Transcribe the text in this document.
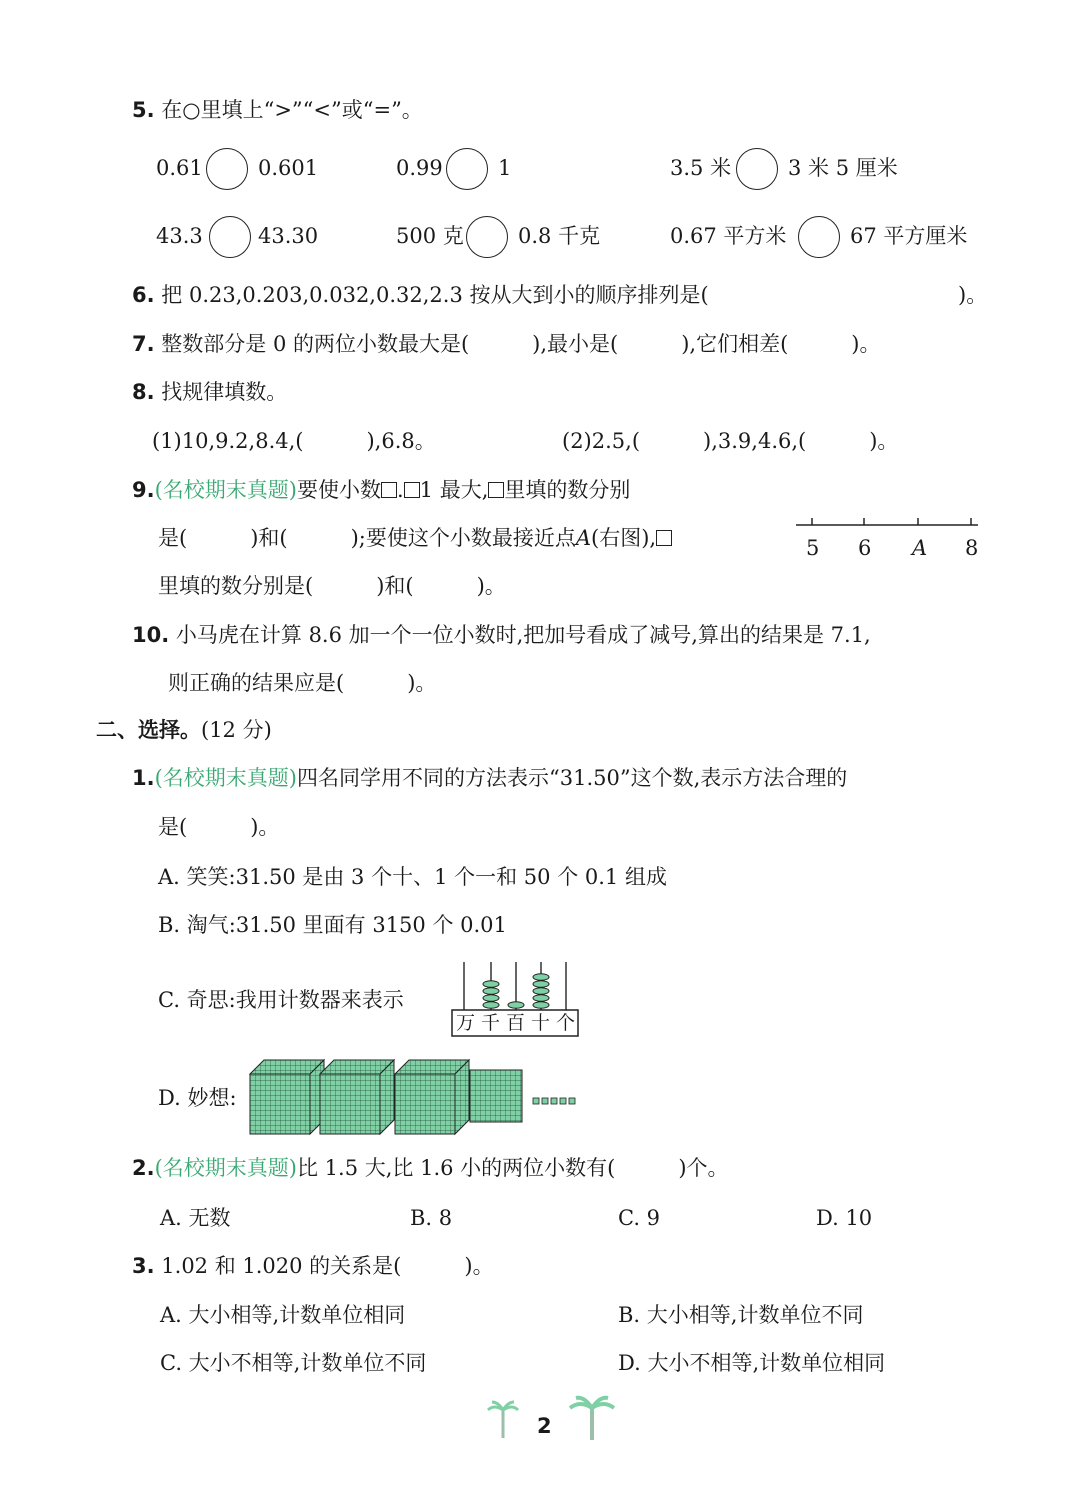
5. 在○里填上“>”“<”或“=”。
0.61	0.601	0.99	1	3.5 米	3 米 5 厘米
43.3	43.30	500 克	0.8 千克	0.67 平方米	67 平方厘米
6. 把 0.23,0.203,0.032,0.32,2.3 按从大到小的顺序排列是(	)。
7. 整数部分是 0 的两位小数最大是(　　　),最小是(　　　),它们相差(　　　)。
8. 找规律填数。
(1)10,9.2,8.4,(　　　),6.8。	(2)2.5,(　　　),3.9,4.6,(　　　)。
9.(名校期末真题)要使小数 . 1 最大, 里填的数分别
是(　　　)和(　　　);要使这个小数最接近点A(右图),
里填的数分别是(　　　)和(　　　)。
5 6 A 8
10. 小马虎在计算 8.6 加一个一位小数时,把加号看成了减号,算出的结果是 7.1,
则正确的结果应是(　　　)。
二、选择。(12 分)
1.(名校期末真题)四名同学用不同的方法表示“31.50”这个数,表示方法合理的
是(　　　)。
A. 笑笑:31.50 是由 3 个十、1 个一和 50 个 0.1 组成
B. 淘气:31.50 里面有 3150 个 0.01
C. 奇思:我用计数器来表示
万 千 百 十 个
D. 妙想:
2.(名校期末真题)比 1.5 大,比 1.6 小的两位小数有(　　　)个。
A. 无数	B. 8	C. 9	D. 10
3. 1.02 和 1.020 的关系是(　　　)。
A. 大小相等,计数单位相同	B. 大小相等,计数单位不同
C. 大小不相等,计数单位不同	D. 大小不相等,计数单位相同
2
